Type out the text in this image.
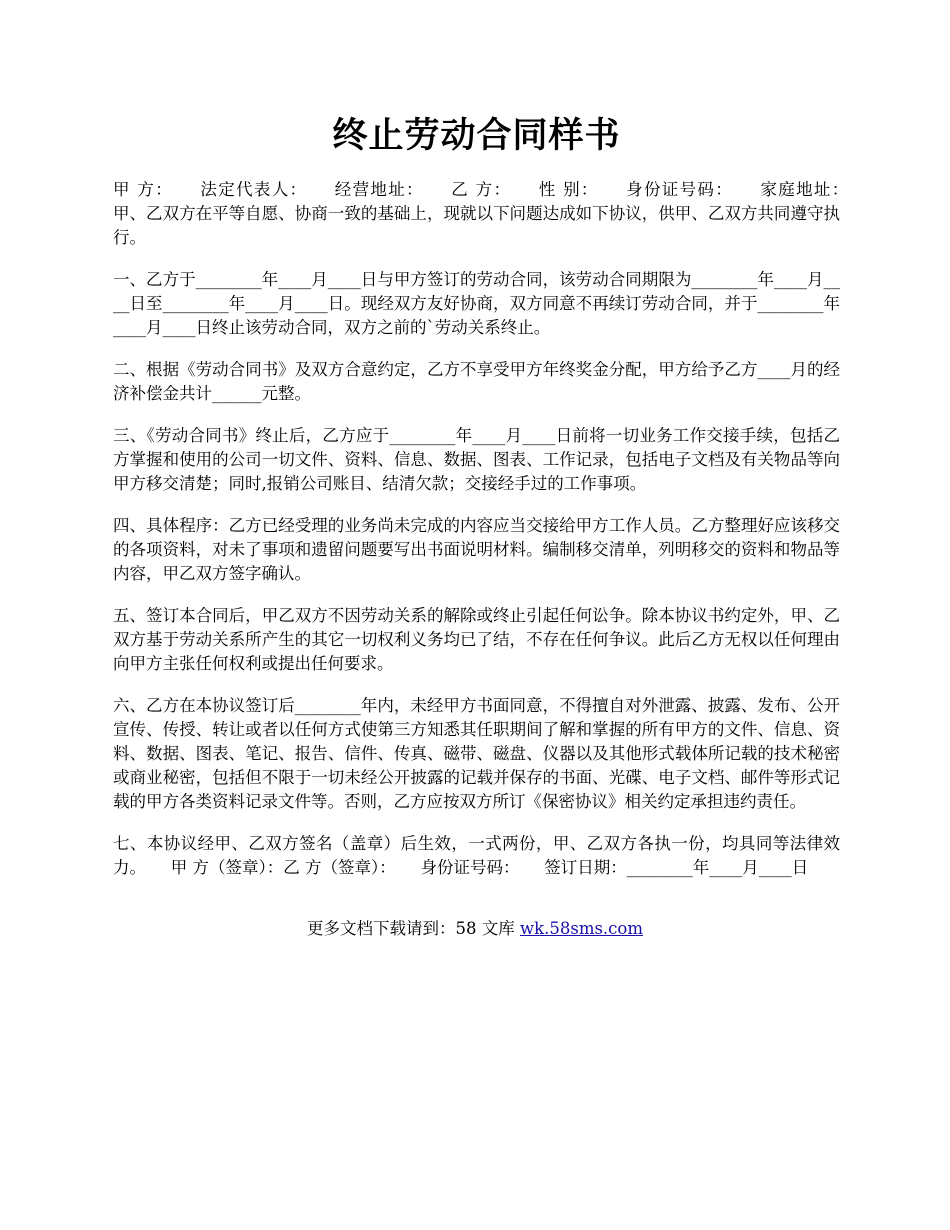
终止劳动合同样书

甲 方：　　法定代表人：　　经营地址：　　乙 方：　　性 别：　　身份证号码：　　家庭地址：　　甲、乙双方在平等自愿、协商一致的基础上，现就以下问题达成如下协议，供甲、乙双方共同遵守执行。

一、乙方于________年____月____日与甲方签订的劳动合同，该劳动合同期限为________年____月____日至________年____月____日。现经双方友好协商，双方同意不再续订劳动合同，并于________年____月____日终止该劳动合同，双方之前的`劳动关系终止。

二、根据《劳动合同书》及双方合意约定，乙方不享受甲方年终奖金分配，甲方给予乙方____月的经济补偿金共计______元整。

三、《劳动合同书》终止后，乙方应于________年____月____日前将一切业务工作交接手续，包括乙方掌握和使用的公司一切文件、资料、信息、数据、图表、工作记录，包括电子文档及有关物品等向甲方移交清楚；同时,报销公司账目、结清欠款；交接经手过的工作事项。

四、具体程序：乙方已经受理的业务尚未完成的内容应当交接给甲方工作人员。乙方整理好应该移交的各项资料，对未了事项和遗留问题要写出书面说明材料。编制移交清单，列明移交的资料和物品等内容，甲乙双方签字确认。

五、签订本合同后，甲乙双方不因劳动关系的解除或终止引起任何讼争。除本协议书约定外，甲、乙双方基于劳动关系所产生的其它一切权利义务均已了结，不存在任何争议。此后乙方无权以任何理由向甲方主张任何权利或提出任何要求。

六、乙方在本协议签订后________年内，未经甲方书面同意，不得擅自对外泄露、披露、发布、公开宣传、传授、转让或者以任何方式使第三方知悉其任职期间了解和掌握的所有甲方的文件、信息、资料、数据、图表、笔记、报告、信件、传真、磁带、磁盘、仪器以及其他形式载体所记载的技术秘密或商业秘密，包括但不限于一切未经公开披露的记载并保存的书面、光碟、电子文档、邮件等形式记载的甲方各类资料记录文件等。否则，乙方应按双方所订《保密协议》相关约定承担违约责任。

七、本协议经甲、乙双方签名（盖章）后生效，一式两份，甲、乙双方各执一份，均具同等法律效力。　　甲 方（签章）：乙 方（签章）：　　身份证号码：　　签订日期：________年____月____日

更多文档下载请到：58 文库 wk.58sms.com
